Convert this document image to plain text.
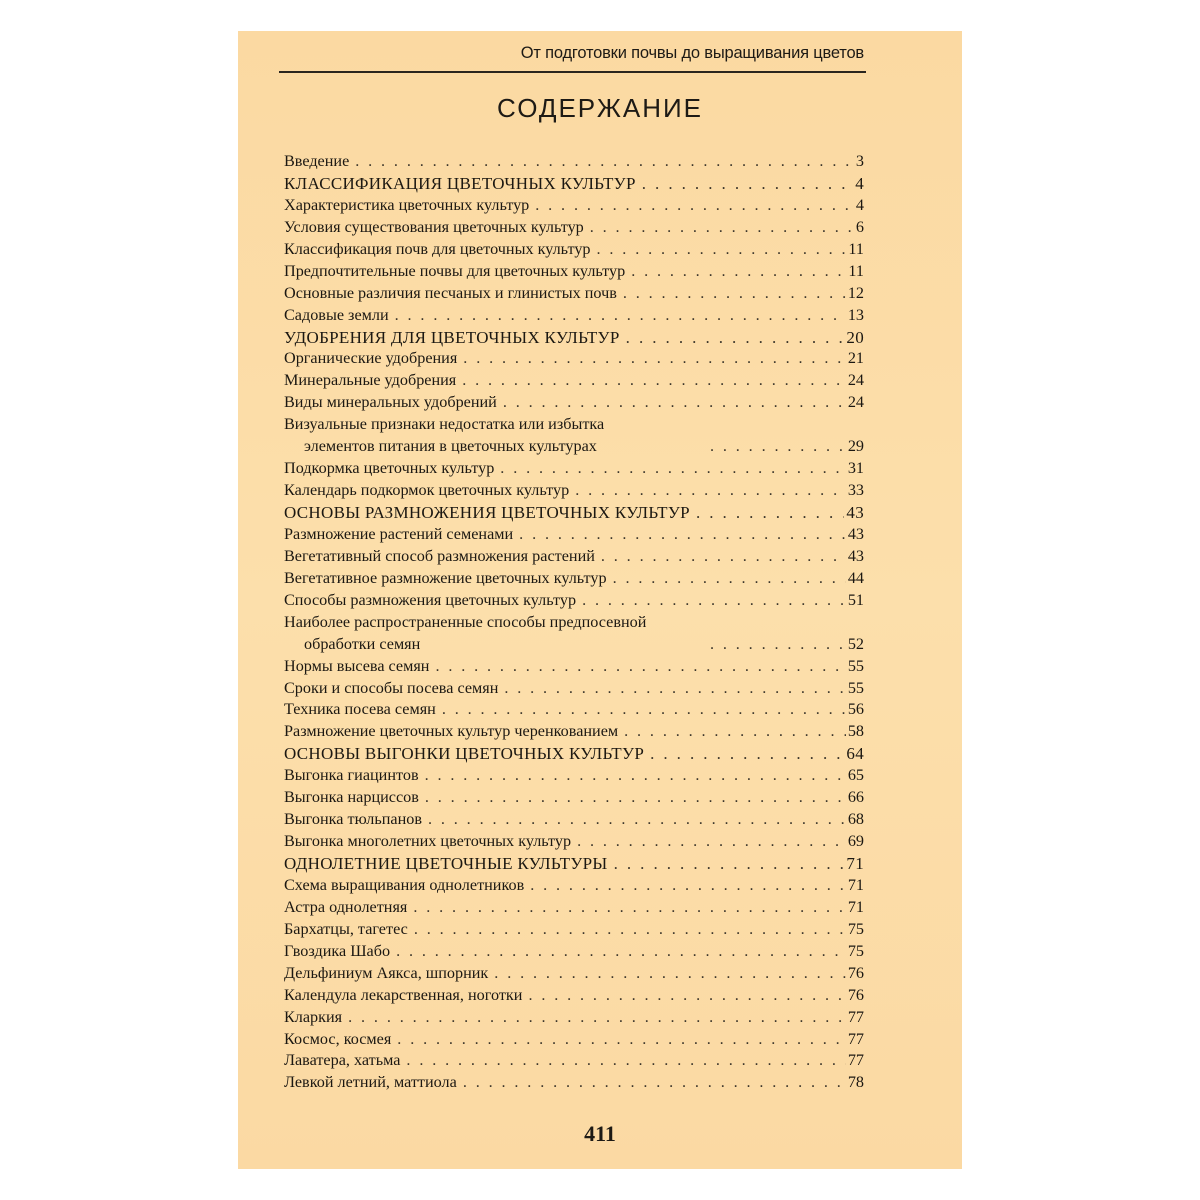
От подготовки почвы до выращивания цветов
СОДЕРЖАНИЕ
Введение . . .	3
КЛАССИФИКАЦИЯ ЦВЕТОЧНЫХ КУЛЬТУР . . .	4
Характеристика цветочных культур . . .	4
Условия существования цветочных культур . . .	6
Классификация почв для цветочных культур . . .	11
Предпочтительные почвы для цветочных культур . . .	11
Основные различия песчаных и глинистых почв . . .	12
Садовые земли . . .	13
УДОБРЕНИЯ ДЛЯ ЦВЕТОЧНЫХ КУЛЬТУР . . .	20
Органические удобрения . . .	21
Минеральные удобрения . . .	24
Виды минеральных удобрений . . .	24
Визуальные признаки недостатка или избытка
элементов питания в цветочных культурах . . .	29
Подкормка цветочных культур . . .	31
Календарь подкормок цветочных культур . . .	33
ОСНОВЫ РАЗМНОЖЕНИЯ ЦВЕТОЧНЫХ КУЛЬТУР . . .	43
Размножение растений семенами . . .	43
Вегетативный способ размножения растений . . .	43
Вегетативное размножение цветочных культур . . .	44
Способы размножения цветочных культур . . .	51
Наиболее распространенные способы предпосевной
обработки семян . . .	52
Нормы высева семян . . .	55
Сроки и способы посева семян . . .	55
Техника посева семян . . .	56
Размножение цветочных культур черенкованием . . .	58
ОСНОВЫ ВЫГОНКИ ЦВЕТОЧНЫХ КУЛЬТУР . . .	64
Выгонка гиацинтов . . .	65
Выгонка нарциссов . . .	66
Выгонка тюльпанов . . .	68
Выгонка многолетних цветочных культур . . .	69
ОДНОЛЕТНИЕ ЦВЕТОЧНЫЕ КУЛЬТУРЫ . . .	71
Схема выращивания однолетников . . .	71
Астра однолетняя . . .	71
Бархатцы, тагетес . . .	75
Гвоздика Шабо . . .	75
Дельфиниум Аякса, шпорник . . .	76
Календула лекарственная, ноготки . . .	76
Кларкия . . .	77
Космос, космея . . .	77
Лаватера, хатьма . . .	77
Левкой летний, маттиола . . .	78
411
